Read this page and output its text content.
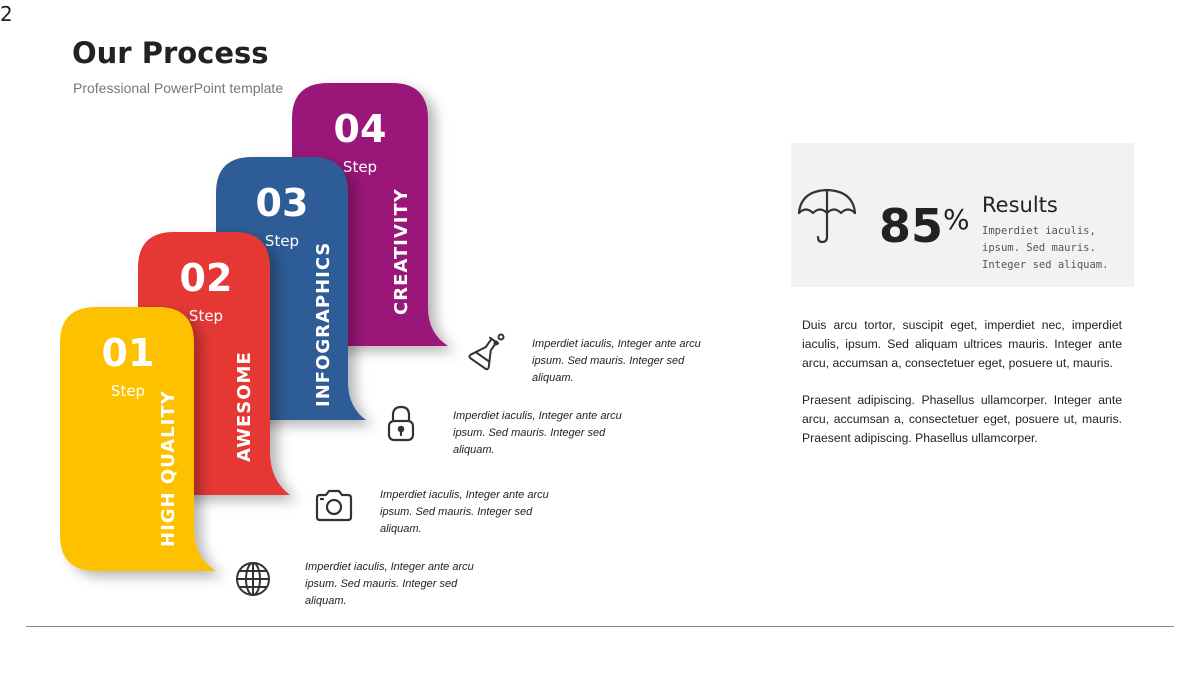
2
Our Process
Professional PowerPoint template
04
Step
CREATIVITY
03
Step
INFOGRAPHICS
02
Step
AWESOME
01
Step HIGH QUALITY
Imperdiet iaculis, Integer ante arcu ipsum. Sed mauris. Integer sed aliquam.
Imperdiet iaculis, Integer ante arcu ipsum. Sed mauris. Integer sed aliquam.
Imperdiet iaculis, Integer ante arcu ipsum. Sed mauris. Integer sed aliquam.
Imperdiet iaculis, Integer ante arcu ipsum. Sed mauris. Integer sed aliquam.
85% Results
Imperdiet iaculis, ipsum. Sed mauris. Integer sed aliquam.
Duis arcu tortor, suscipit eget, imperdiet nec, imperdiet iaculis, ipsum. Sed aliquam ultrices mauris. Integer ante arcu, accumsan a, consectetuer eget, posuere ut, mauris.
Praesent adipiscing. Phasellus ullamcorper. Integer ante arcu, accumsan a, consectetuer eget, posuere ut, mauris. Praesent adipiscing. Phasellus ullamcorper.
